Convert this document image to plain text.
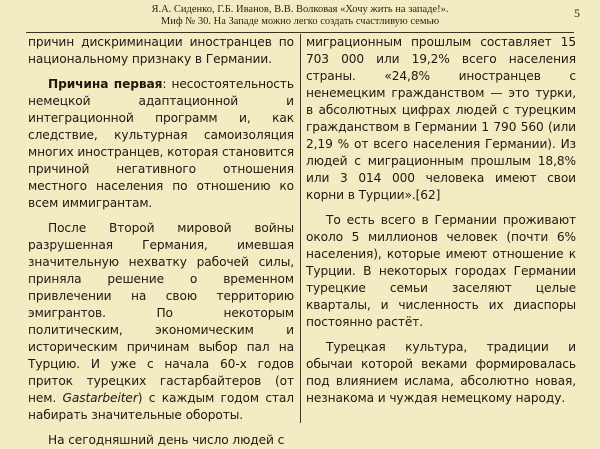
Я.А. Сиденко, Г.Б. Иванов, В.В. Волковая «Хочу жить на западе!».
Миф № 30. На Западе можно легко создать счастливую семью
5

причин дискриминации иностранцев по национальному признаку в Германии.

Причина первая: несостоятельность немецкой адаптационной и интеграционной программ и, как следствие, культурная самоизоляция многих иностранцев, которая становится причиной негативного отношения местного населения по отношению ко всем иммигрантам.

После Второй мировой войны разрушенная Германия, имевшая значительную нехватку рабочей силы, приняла решение о временном привлечении на свою территорию эмигрантов. По некоторым политическим, экономическим и историческим причинам выбор пал на Турцию. И уже с начала 60-х годов приток турецких гастарбайтеров (от нем. Gastarbeiter) с каждым годом стал набирать значительные обороты.

На сегодняшний день число людей с

миграционным прошлым составляет 15 703 000 или 19,2% всего населения страны. «24,8% иностранцев с ненемецким гражданством — это турки, в абсолютных цифрах людей с турецким гражданством в Германии 1 790 560 (или 2,19 % от всего населения Германии). Из людей с миграционным прошлым 18,8% или 3 014 000 человека имеют свои корни в Турции».[62]

То есть всего в Германии проживают около 5 миллионов человек (почти 6% населения), которые имеют отношение к Турции. В некоторых городах Германии турецкие семьи заселяют целые кварталы, и численность их диаспоры постоянно растёт.

Турецкая культура, традиции и обычаи которой веками формировалась под влиянием ислама, абсолютно новая, незнакома и чуждая немецкому народу.
